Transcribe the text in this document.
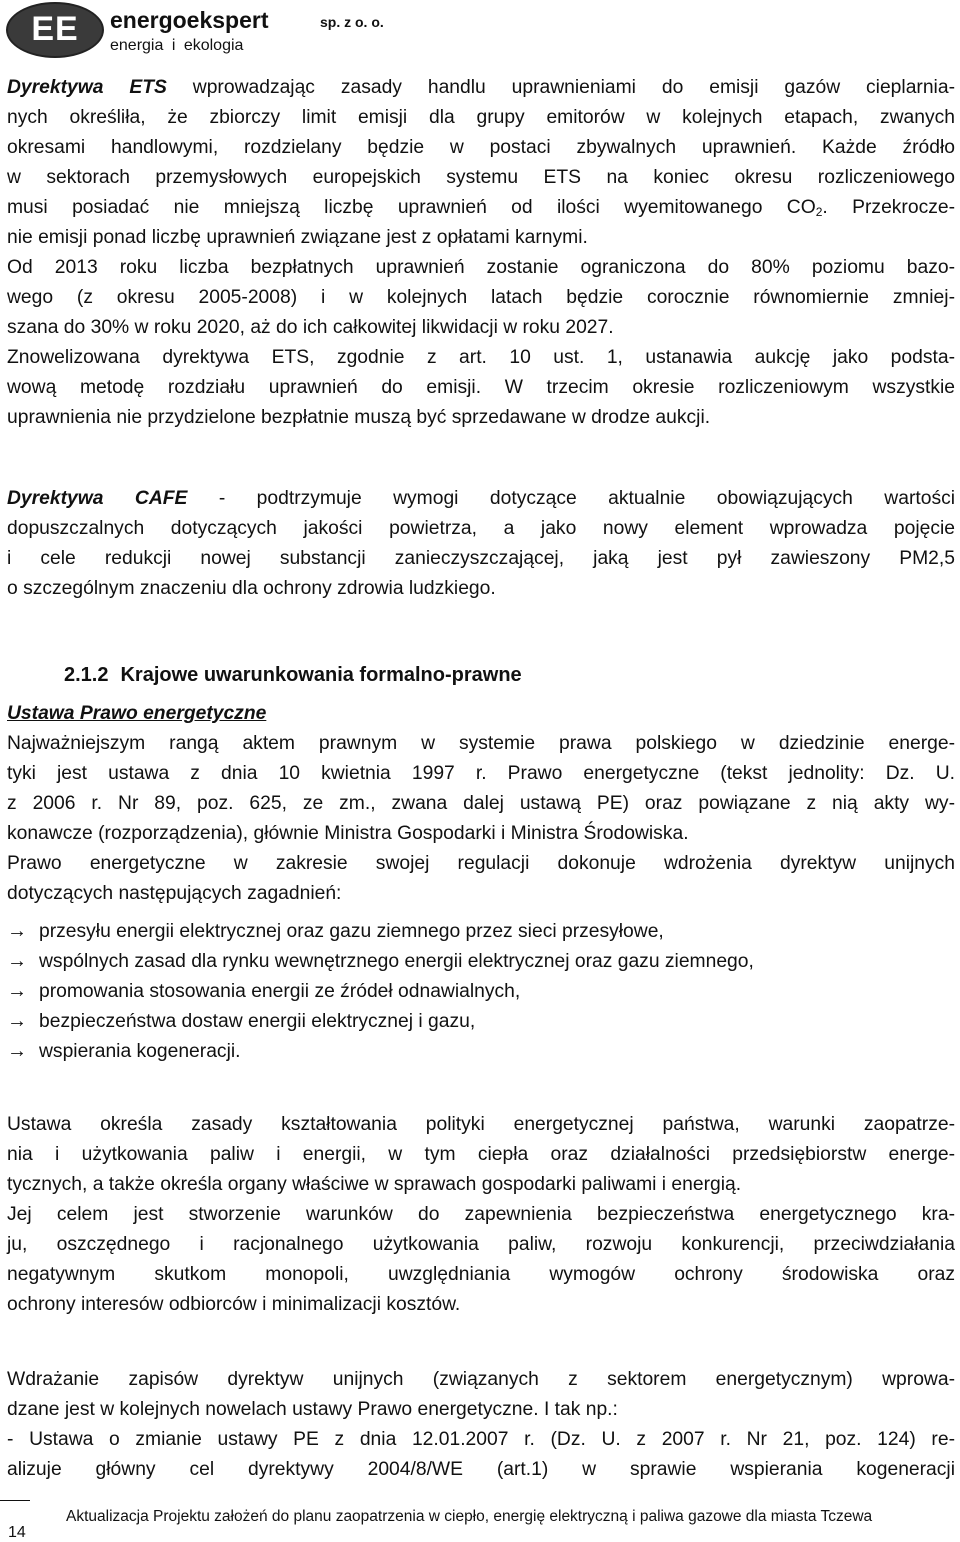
EE	energoekspert	sp. z o. o.
energia i ekologia
Dyrektywa ETS wprowadzając zasady handlu uprawnieniami do emisji gazów cieplarnia-
nych określiła, że zbiorczy limit emisji dla grupy emitorów w kolejnych etapach, zwanych
okresami handlowymi, rozdzielany będzie w postaci zbywalnych uprawnień. Każde źródło
w sektorach przemysłowych europejskich systemu ETS na koniec okresu rozliczeniowego
musi posiadać nie mniejszą liczbę uprawnień od ilości wyemitowanego $CO_2$. Przekrocze-
nie emisji ponad liczbę uprawnień związane jest z opłatami karnymi.
Od 2013 roku liczba bezpłatnych uprawnień zostanie ograniczona do 80% poziomu bazo-
wego (z okresu 2005-2008) i w kolejnych latach będzie corocznie równomiernie zmniej-
szana do 30% w roku 2020, aż do ich całkowitej likwidacji w roku 2027.
Znowelizowana dyrektywa ETS, zgodnie z art. 10 ust. 1, ustanawia aukcję jako podsta-
wową metodę rozdziału uprawnień do emisji. W trzecim okresie rozliczeniowym wszystkie
uprawnienia nie przydzielone bezpłatnie muszą być sprzedawane w drodze aukcji.
Dyrektywa CAFE - podtrzymuje wymogi dotyczące aktualnie obowiązujących wartości
dopuszczalnych dotyczących jakości powietrza, a jako nowy element wprowadza pojęcie
i cele redukcji nowej substancji zanieczyszczającej, jaką jest pył zawieszony PM2,5
o szczególnym znaczeniu dla ochrony zdrowia ludzkiego.
2.1.2 Krajowe uwarunkowania formalno-prawne
Ustawa Prawo energetyczne
Najważniejszym rangą aktem prawnym w systemie prawa polskiego w dziedzinie energe-
tyki jest ustawa z dnia 10 kwietnia 1997 r. Prawo energetyczne (tekst jednolity: Dz. U.
z 2006 r. Nr 89, poz. 625, ze zm., zwana dalej ustawą PE) oraz powiązane z nią akty wy-
konawcze (rozporządzenia), głównie Ministra Gospodarki i Ministra Środowiska.
Prawo energetyczne w zakresie swojej regulacji dokonuje wdrożenia dyrektyw unijnych
dotyczących następujących zagadnień:
→ przesyłu energii elektrycznej oraz gazu ziemnego przez sieci przesyłowe,
→ wspólnych zasad dla rynku wewnętrznego energii elektrycznej oraz gazu ziemnego,
→ promowania stosowania energii ze źródeł odnawialnych,
→ bezpieczeństwa dostaw energii elektrycznej i gazu,
→ wspierania kogeneracji.
Ustawa określa zasady kształtowania polityki energetycznej państwa, warunki zaopatrze-
nia i użytkowania paliw i energii, w tym ciepła oraz działalności przedsiębiorstw energe-
tycznych, a także określa organy właściwe w sprawach gospodarki paliwami i energią.
Jej celem jest stworzenie warunków do zapewnienia bezpieczeństwa energetycznego kra-
ju, oszczędnego i racjonalnego użytkowania paliw, rozwoju konkurencji, przeciwdziałania
negatywnym skutkom monopoli, uwzględniania wymogów ochrony środowiska oraz
ochrony interesów odbiorców i minimalizacji kosztów.
Wdrażanie zapisów dyrektyw unijnych (związanych z sektorem energetycznym) wprowa-
dzane jest w kolejnych nowelach ustawy Prawo energetyczne. I tak np.:
- Ustawa o zmianie ustawy PE z dnia 12.01.2007 r. (Dz. U. z 2007 r. Nr 21, poz. 124) re-
alizuje główny cel dyrektywy 2004/8/WE (art.1) w sprawie wspierania kogeneracji
Aktualizacja Projektu założeń do planu zaopatrzenia w ciepło, energię elektryczną i paliwa gazowe dla miasta Tczewa
14
